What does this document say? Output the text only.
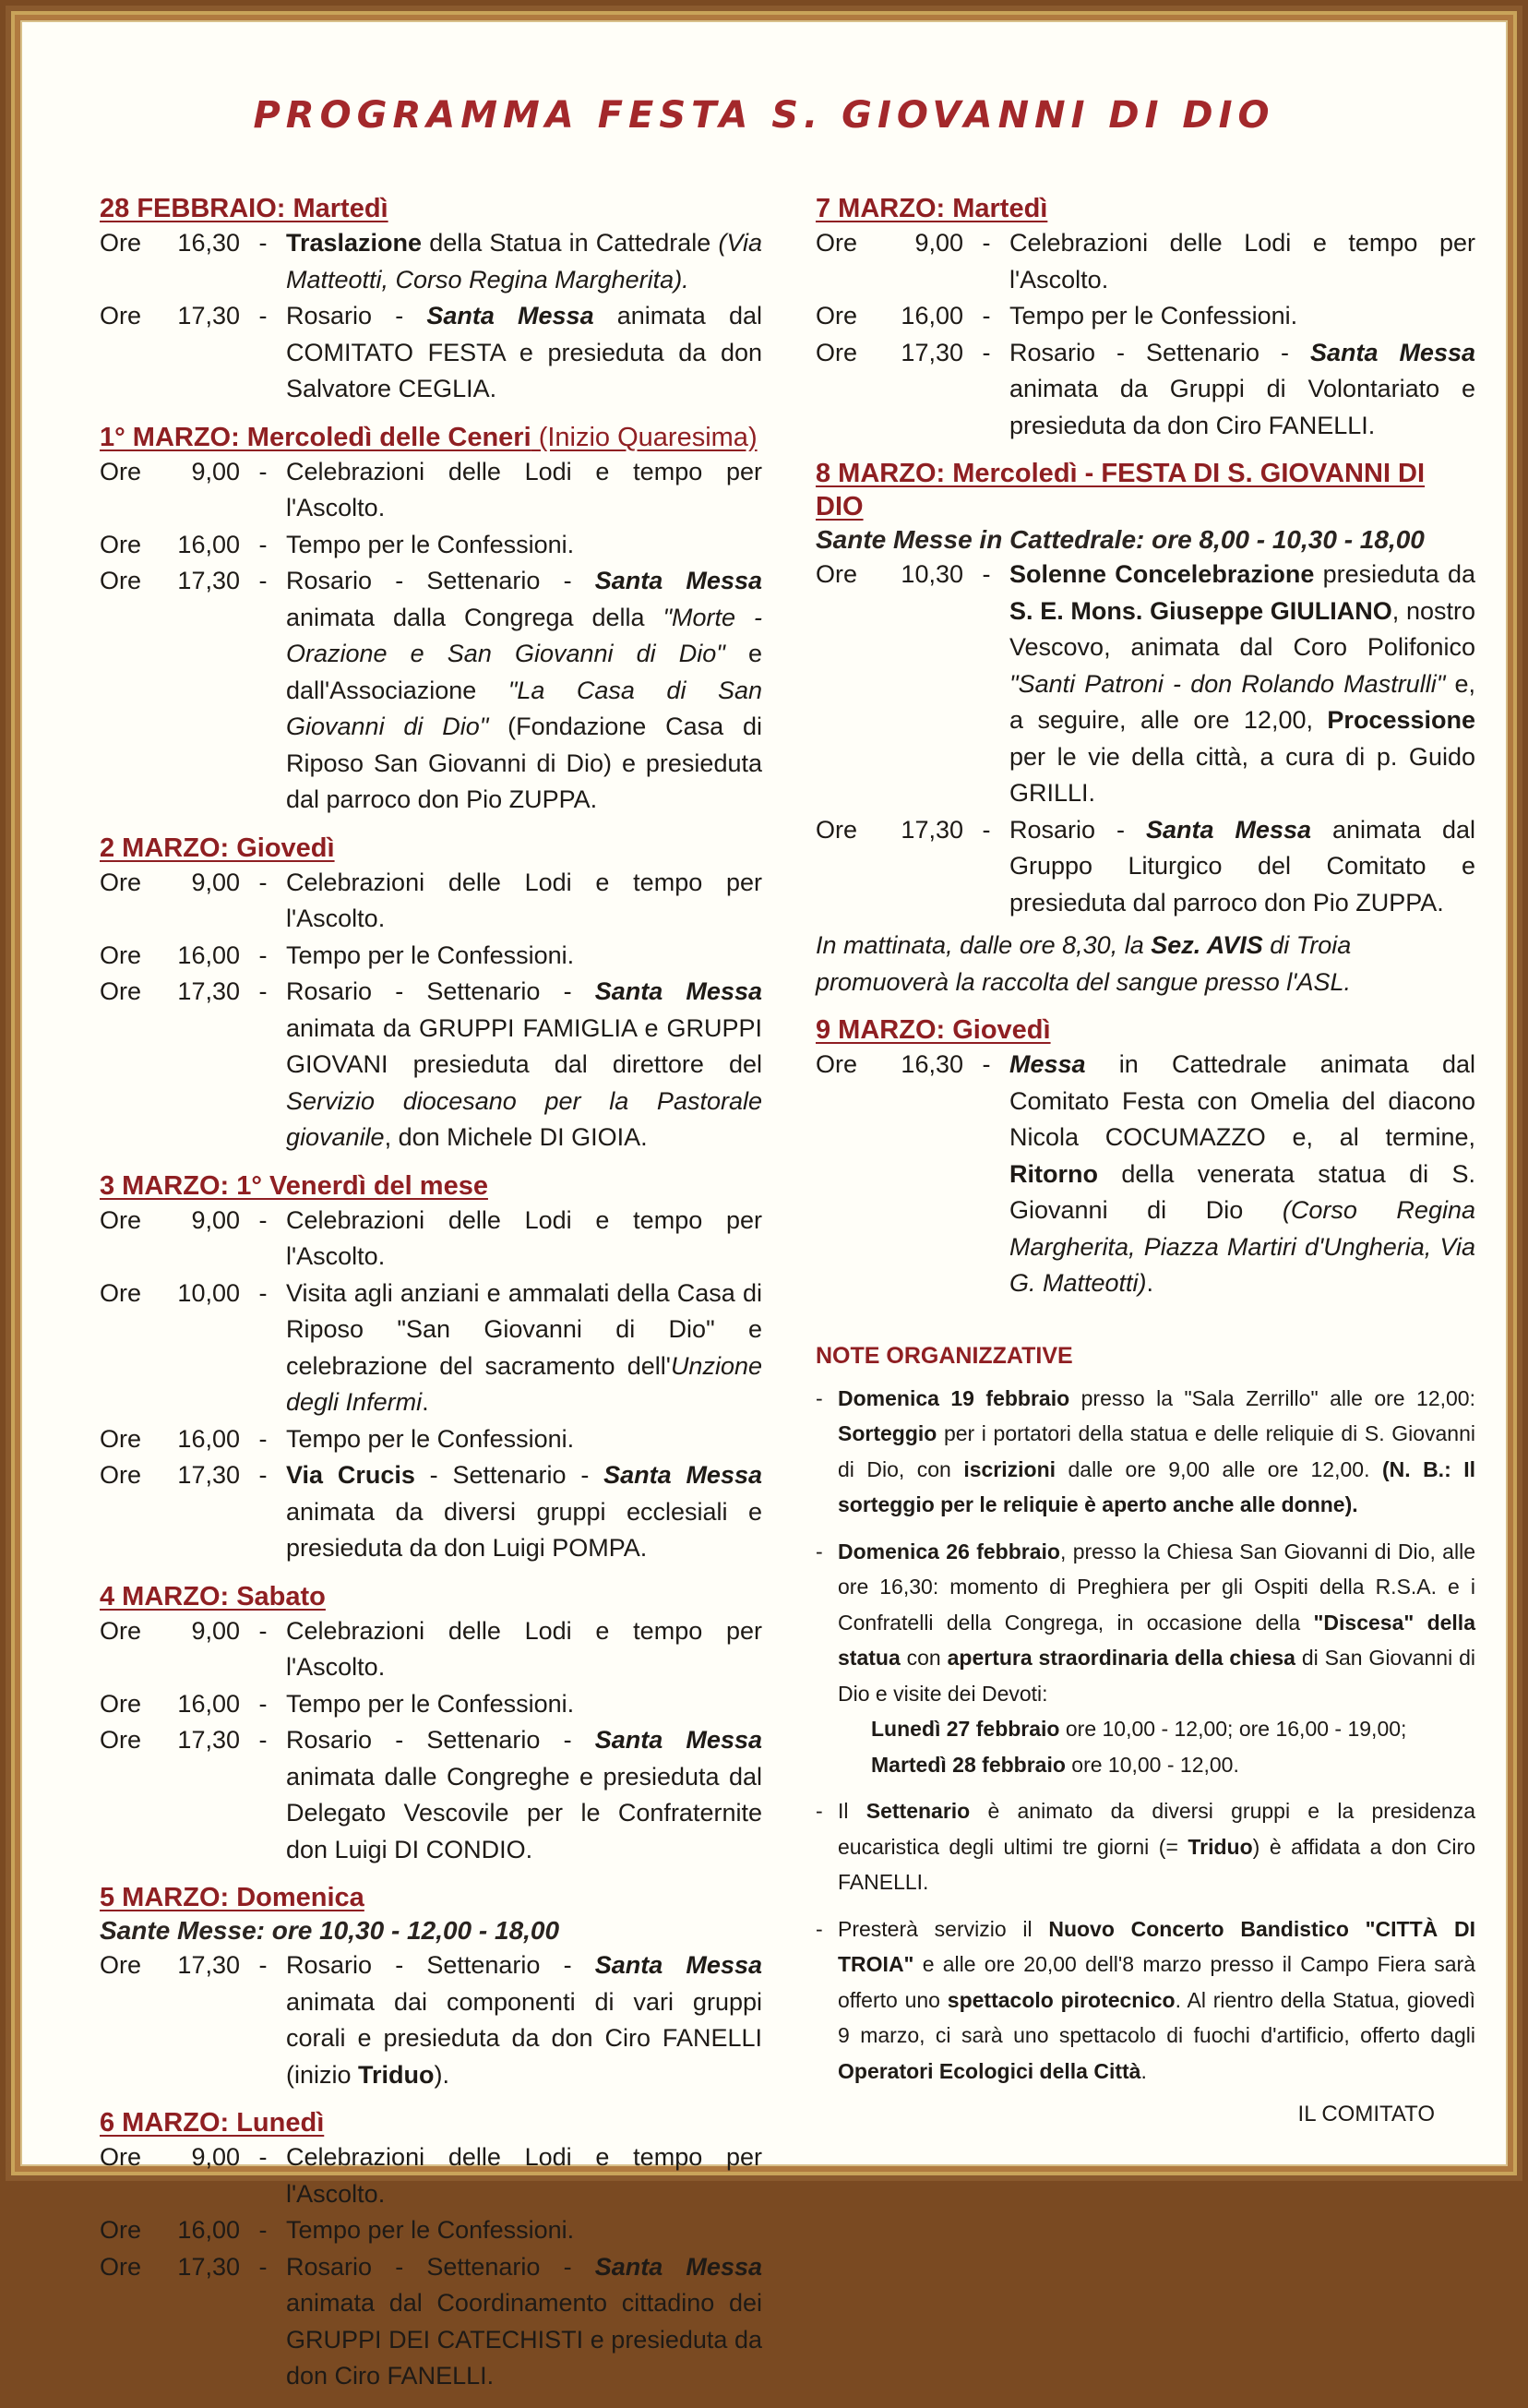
PROGRAMMA FESTA S. GIOVANNI DI DIO
28 FEBBRAIO: Martedì
Ore	16,30 - Traslazione della Statua in Cattedrale (Via Matteotti, Corso Regina Margherita).
Ore	17,30 - Rosario - Santa Messa animata dal COMITATO FESTA e presieduta da don Salvatore CEGLIA.
1° MARZO: Mercoledì delle Ceneri (Inizio Quaresima)
Ore	9,00 - Celebrazioni delle Lodi e tempo per l'Ascolto.
Ore	16,00 - Tempo per le Confessioni.
Ore	17,30 - Rosario - Settenario - Santa Messa animata dalla Congrega della "Morte - Orazione e San Giovanni di Dio" e dall'Associazione "La Casa di San Giovanni di Dio" (Fondazione Casa di Riposo San Giovanni di Dio) e presieduta dal parroco don Pio ZUPPA.
2 MARZO: Giovedì
Ore	9,00 - Celebrazioni delle Lodi e tempo per l'Ascolto.
Ore	16,00 - Tempo per le Confessioni.
Ore	17,30 - Rosario - Settenario - Santa Messa animata da GRUPPI FAMIGLIA e GRUPPI GIOVANI presieduta dal direttore del Servizio diocesano per la Pastorale giovanile, don Michele DI GIOIA.
3 MARZO: 1° Venerdì del mese
Ore	9,00 - Celebrazioni delle Lodi e tempo per l'Ascolto.
Ore	10,00 - Visita agli anziani e ammalati della Casa di Riposo "San Giovanni di Dio" e celebrazione del sacramento dell'Unzione degli Infermi.
Ore	16,00 - Tempo per le Confessioni.
Ore	17,30 - Via Crucis - Settenario - Santa Messa animata da diversi gruppi ecclesiali e presieduta da don Luigi POMPA.
4 MARZO: Sabato
Ore	9,00 - Celebrazioni delle Lodi e tempo per l'Ascolto.
Ore	16,00 - Tempo per le Confessioni.
Ore	17,30 - Rosario - Settenario - Santa Messa animata dalle Congreghe e presieduta dal Delegato Vescovile per le Confraternite don Luigi DI CONDIO.
5 MARZO: Domenica
Sante Messe: ore 10,30 - 12,00 - 18,00
Ore	17,30 - Rosario - Settenario - Santa Messa animata dai componenti di vari gruppi corali e presieduta da don Ciro FANELLI (inizio Triduo).
6 MARZO: Lunedì
Ore	9,00 - Celebrazioni delle Lodi e tempo per l'Ascolto.
Ore	16,00 - Tempo per le Confessioni.
Ore	17,30 - Rosario - Settenario - Santa Messa animata dal Coordinamento cittadino dei GRUPPI DEI CATECHISTI e presieduta da don Ciro FANELLI.
7 MARZO: Martedì
Ore	9,00 - Celebrazioni delle Lodi e tempo per l'Ascolto.
Ore	16,00 - Tempo per le Confessioni.
Ore	17,30 - Rosario - Settenario - Santa Messa animata da Gruppi di Volontariato e presieduta da don Ciro FANELLI.
8 MARZO: Mercoledì - FESTA DI S. GIOVANNI DI DIO
Sante Messe in Cattedrale: ore 8,00 - 10,30 - 18,00
Ore	10,30 - Solenne Concelebrazione presieduta da S. E. Mons. Giuseppe GIULIANO, nostro Vescovo, animata dal Coro Polifonico "Santi Patroni - don Rolando Mastrulli" e, a seguire, alle ore 12,00, Processione per le vie della città, a cura di p. Guido GRILLI.
Ore	17,30 - Rosario - Santa Messa animata dal Gruppo Liturgico del Comitato e presieduta dal parroco don Pio ZUPPA.
In mattinata, dalle ore 8,30, la Sez. AVIS di Troia promuoverà la raccolta del sangue presso l'ASL.
9 MARZO: Giovedì
Ore	16,30 - Messa in Cattedrale animata dal Comitato Festa con Omelia del diacono Nicola COCUMAZZO e, al termine, Ritorno della venerata statua di S. Giovanni di Dio (Corso Regina Margherita, Piazza Martiri d'Ungheria, Via G. Matteotti).
NOTE ORGANIZZATIVE
- Domenica 19 febbraio presso la "Sala Zerrillo" alle ore 12,00: Sorteggio per i portatori della statua e delle reliquie di S. Giovanni di Dio, con iscrizioni dalle ore 9,00 alle ore 12,00. (N. B.: Il sorteggio per le reliquie è aperto anche alle donne).
- Domenica 26 febbraio, presso la Chiesa San Giovanni di Dio, alle ore 16,30: momento di Preghiera per gli Ospiti della R.S.A. e i Confratelli della Congrega, in occasione della "Discesa" della statua con apertura straordinaria della chiesa di San Giovanni di Dio e visite dei Devoti:
Lunedì 27 febbraio ore 10,00 - 12,00; ore 16,00 - 19,00;
Martedì 28 febbraio ore 10,00 - 12,00.
- Il Settenario è animato da diversi gruppi e la presidenza eucaristica degli ultimi tre giorni (= Triduo) è affidata a don Ciro FANELLI.
- Presterà servizio il Nuovo Concerto Bandistico "CITTÀ DI TROIA" e alle ore 20,00 dell'8 marzo presso il Campo Fiera sarà offerto uno spettacolo pirotecnico. Al rientro della Statua, giovedì 9 marzo, ci sarà uno spettacolo di fuochi d'artificio, offerto dagli Operatori Ecologici della Città.
IL COMITATO
